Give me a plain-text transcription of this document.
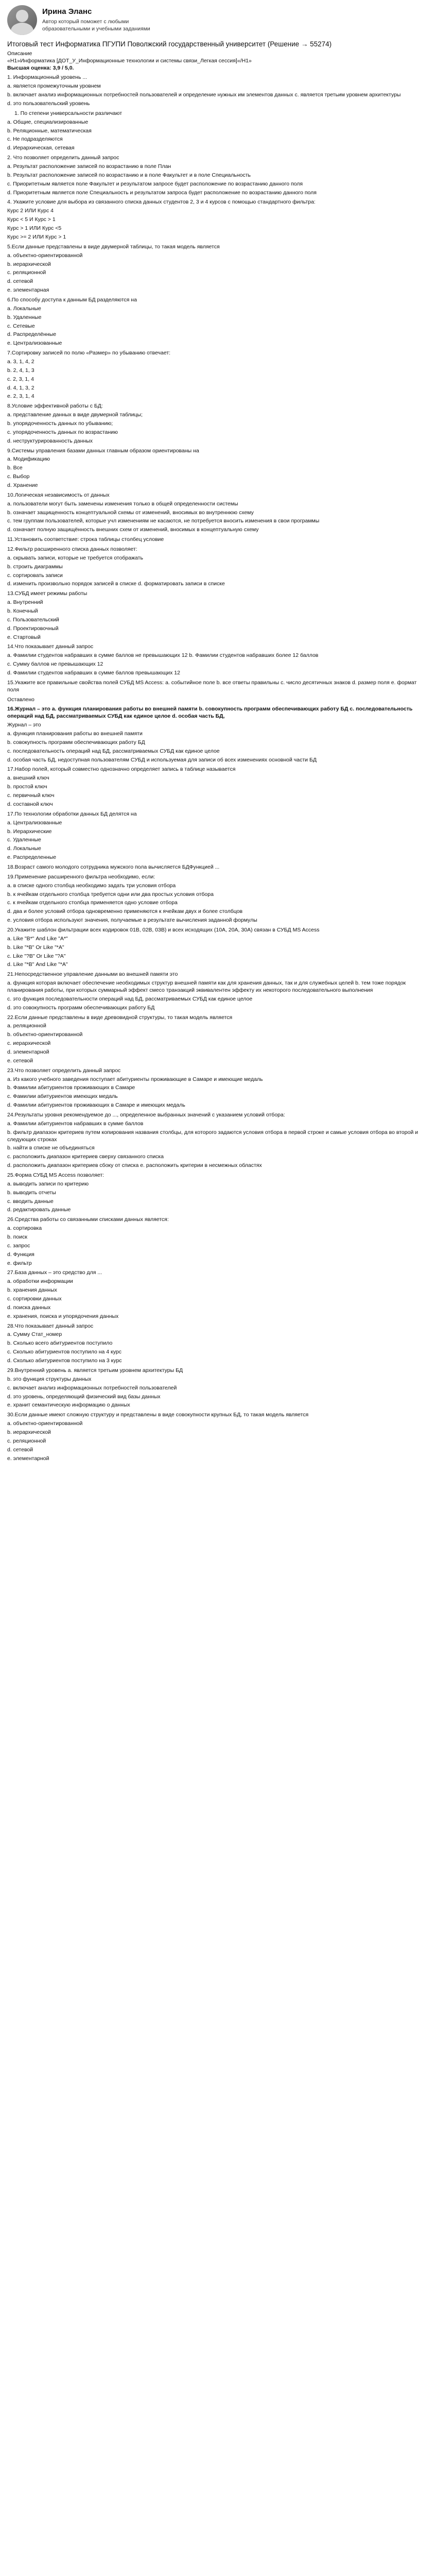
Ирина Эланс
Автор который поможет с любыми образовательными и учебными заданиями
Итоговый тест Информатика ПГУПИ Поволжский государственный университет (Решение → 55274)
Описание
«Н1»Информатика [ДОТ_У_Информационные технологии и системы связи_Легкая сессия]«/Н1»
Высшая оценка: 3,9 / 5,0.
1. Информационный уровень ...
а. является промежуточным уровнем
b. включает анализ информационных потребностей пользователей и определение нужных им элементов данных с. является третьим уровнем архитектуры
d. это пользовательский уровень
1. По степени универсальности различают
а. Общие, специализированные
b. Реляционные, математическая
с. Не подразделяются
d. Иерархическая, сетевая
2. Что позволяет определить данный запрос
а. Результат расположение записей по возрастанию в поле План
b. Результат расположение записей по возрастанию и в поле Факультет и в поле Специальность
с. Приоритетным является поле Факультет и результатом запросе будет расположение по возрастанию данного поля
d. Приоритетным является поле Специальность и результатом запроса будет расположение по возрастанию данного поля
4. Укажите условие для выбора из связанного списка данных студентов 2, 3 и 4 курсов с помощью стандартного фильтра:
Курс 2 ИЛИ Курс 4
Курс < 5 И Курс > 1
Курс > 1 ИЛИ Курс <5
Курс >= 2 ИЛИ Курс > 1
5.Если данные представлены в виде двумерной таблицы, то такая модель является
а. объектно-ориентированной
b. иерархической
с. реляционной
d. сетевой
е. элементарная
6.По способу доступа к данным БД разделяются на
а. Локальные
b. Удаленные
с. Сетевые
d. Распределённые
е. Централизованные
7.Сортировку записей по полю «Размер» по убыванию отвечает:
а. 3, 1, 4, 2
b. 2, 4, 1, 3
с. 2, 3, 1, 4
d. 4, 1, 3, 2
е. 2, 3, 1, 4
8.Условие эффективной работы с БД:
а. представление данных в виде двумерной таблицы;
b. упорядоченность данных по убыванию;
с. упорядоченность данных по возрастанию
d. неструктурированность данных
9.Системы управления базами данных главным образом ориентированы на
а. Модификацию
b. Все
с. Выбор
d. Хранение
10.Логическая независимость от данных
а. пользователи могут быть заменены изменения только в общей определенности системы
b. означает защищенность концептуальной схемы от изменений, вносимых во внутреннюю схему
с. тем группам пользователей, которые учл изменениям не касаются, не потребуется вносить изменения в свои программы
d. означает полную защищённость внешних схем от изменений, вносимых в концептуальную схему
11.Установить соответствие: строка таблицы столбец условие
12.Фильтр расширенного списка данных позволяет:
а. скрывать записи, которые не требуется отображать
b. строить диаграммы
с. сортировать записи
d. изменить произвольно порядок записей в списке d. форматировать записи в списке
13.СУБД имеет режимы работы
а. Внутренний
b. Конечный
с. Пользовательский
d. Проектировочный
е. Стартовый
14.Что показывает данный запрос
а. Фамилии студентов набравших в сумме баллов не превышающих 12 b. Фамилии студентов набравших более 12 баллов
с. Сумму баллов не превышающих 12
d. Фамилии студентов набравших в сумме баллов превышающих 12
15.Укажите все правильные свойства полей СУБД MS Access: а. событийное поле b. все ответы правильны с. число десятичных знаков d. размер поля e. формат поля
Оставлено
16.Журнал – это а. функция планирования работы во внешней памяти b. совокупность программ обеспечивающих работу БД с. последовательность операций над БД, рассматриваемых СУБД как единое целое d. особая часть БД,
Журнал – это
а. функция планирования работы во внешней памяти
b. совокупность программ обеспечивающих работу БД
с. последовательность операций над БД, рассматриваемых СУБД как единое целое
d. особая часть БД, недоступная пользователям СУБД и используемая для записи об всех изменениях основной части БД
17.Набор полей, который совместно однозначно определяет запись в таблице называется
а. внешний ключ
b. простой ключ
с. первичный ключ
d. составной ключ
17.По технологии обработки данных БД делятся на
а. Централизованные
b. Иерархические
с. Удаленные
d. Локальные
е. Распределенные
18.Возраст самого молодого сотрудника мужского пола вычисляется БДФункцией ...
19.Применение расширенного фильтра необходимо, если:
а. в списке одного столбца необходимо задать три условия отбора
b. к ячейкам отдельного столбца требуется одни или два простых условия отбора
с. к ячейкам отдельного столбца применяется одно условие отбора
d. два и более условий отбора одновременно применяются к ячейкам двух и более столбцов
е. условия отбора используют значения, получаемые в результате вычисления заданной формулы
20.Укажите шаблон фильтрации всех кодировок 01В, 02В, 03В) и всех исходящих (10А, 20А, 30А) связан в СУБД MS Access
а. Like "В*" And Like "А*"
b. Like "*В" Or Like "*А"
с. Like "?В" Or Like "?А"
d. Like "*В" And Like "*А"
21.Непосредственное управление данными во внешней памяти это
а. функция которая включает обеспечение необходимых структур внешней памяти как для хранения данных, так и для служебных целей b. тем тоже порядок планирования работы, при которых суммарный эффект смесо транзакций эквивалентен эффекту их некоторого последовательного выполнения
с. это функция последовательности операций над БД, рассматриваемых СУБД как единое целое
d. это совокупность программ обеспечивающих работу БД
22.Если данные представлены в виде древовидной структуры, то такая модель является
а. реляционной
b. объектно-ориентированной
с. иерархической
d. элементарной
е. сетевой
23.Что позволяет определить данный запрос
а. Из какого учебного заведения поступает абитуриенты проживающие в Самаре и имеющие медаль
b. Фамилии абитуриентов проживающих в Самаре
с. Фамилии абитуриентов имеющих медаль
d. Фамилии абитуриентов проживающих в Самаре и имеющих медаль
24.Результаты уровня рекомендуемое до ..., определенное выбранных значений с указанием условий отбора:
а. Фамилии абитуриентов набравших в сумме баллов
b. фильтр диапазон критериев путем копирования названия столбцы, для которого задаются условия отбора в первой строке и самые условия отбора во второй и следующих строках
b. найти в списке не объединяться
с. расположить диапазон критериев сверху связанного списка
d. расположить диапазон критериев сбоку от списка е. расположить критерии в несмежных областях
25.Форма СУБД MS Access позволяет:
а. выводить записи по критерию
b. выводить отчеты
с. вводить данные
d. редактировать данные
26.Средства работы со связанными списками данных является:
а. сортировка
b. поиск
с. запрос
d. Функция
е. фильтр
27.База данных – это средство для ...
а. обработки информации
b. хранения данных
с. сортировки данных
d. поиска данных
е. хранения, поиска и упорядочения данных
28.Что показывает данный запрос
а. Сумму Стат_номер
b. Сколько всего абитуриентов поступило
с. Сколько абитуриентов поступило на 4 курс
d. Сколько абитуриентов поступило на 3 курс
29.Внутренний уровень а. является третьим уровнем архитектуры БД
b. это функция структуры данных
с. включает анализ информационных потребностей пользователей
d. это уровень, определяющий физический вид базы данных
е. хранит семантическую информацию о данных
30.Если данные имеют сложную структуру и представлены в виде совокупности крупных БД, то такая модель является
а. объектно-ориентированной
b. иерархической
с. реляционной
d. сетевой
е. элементарной
